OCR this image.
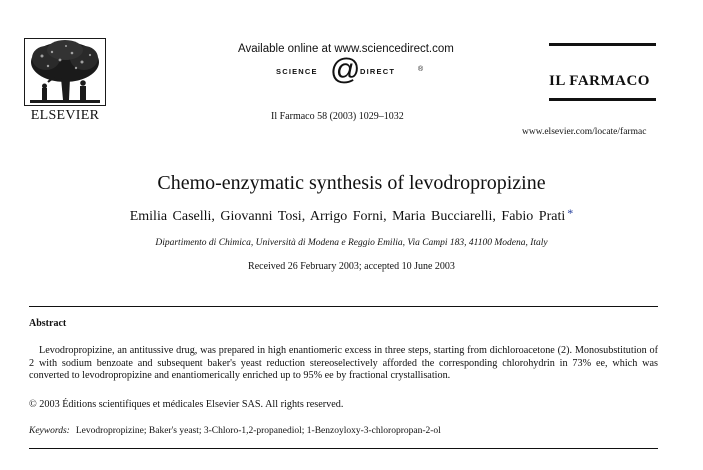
ELSEVIER
Available online at www.sciencedirect.com
SCIENCE @ DIRECT	®
Il Farmaco 58 (2003) 1029–1032
IL FARMACO
www.elsevier.com/locate/farmac
Chemo-enzymatic synthesis of levodropropizine
Emilia Caselli, Giovanni Tosi, Arrigo Forni, Maria Bucciarelli, Fabio Prati *
Dipartimento di Chimica, Università di Modena e Reggio Emilia, Via Campi 183, 41100 Modena, Italy
Received 26 February 2003; accepted 10 June 2003
Abstract

Levodropropizine, an antitussive drug, was prepared in high enantiomeric excess in three steps, starting from dichloroacetone (2). Monosubstitution of 2 with sodium benzoate and subsequent baker's yeast reduction stereoselectively afforded the corresponding chlorohydrin in 73% ee, which was converted to levodropropizine and enantiomerically enriched up to 95% ee by fractional crystallisation.

© 2003 Éditions scientifiques et médicales Elsevier SAS. All rights reserved.
Keywords: Levodropropizine; Baker's yeast; 3-Chloro-1,2-propanediol; 1-Benzoyloxy-3-chloropropan-2-ol
